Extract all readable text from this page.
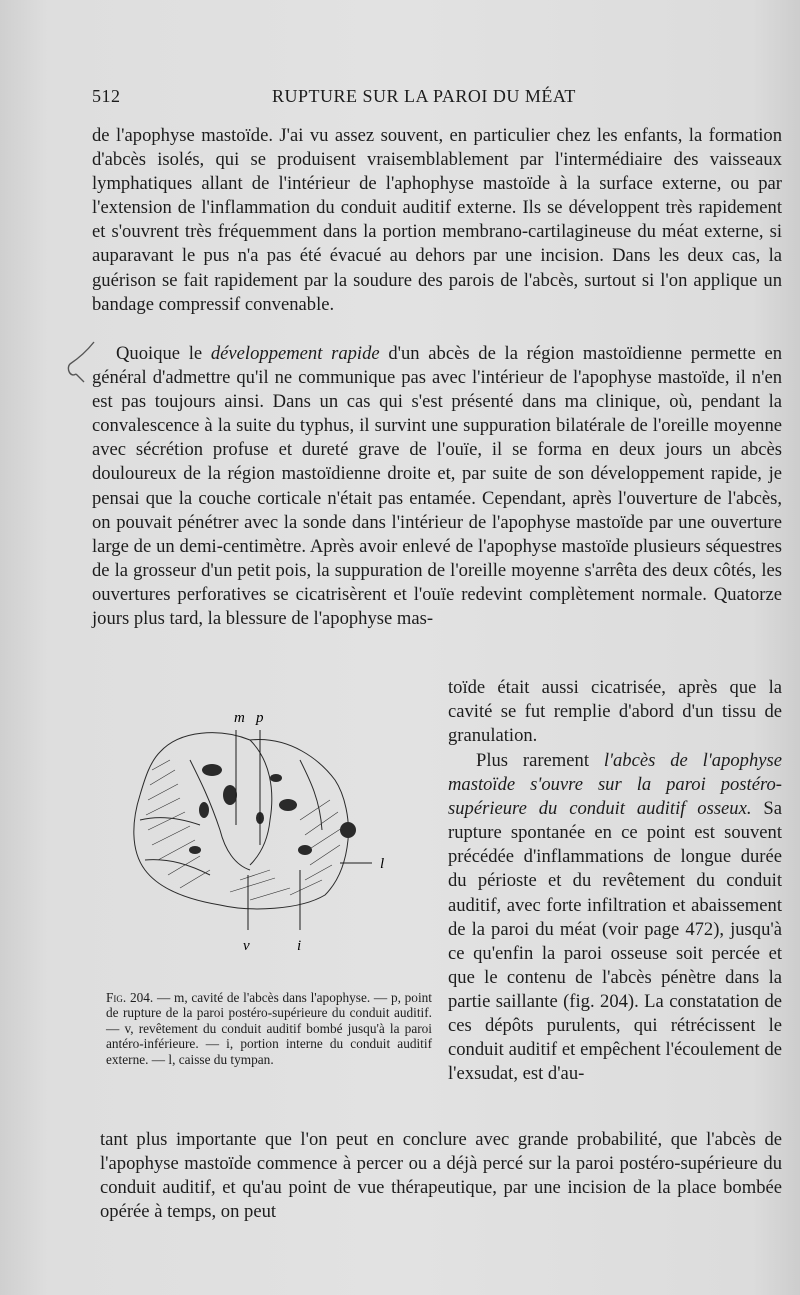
512	RUPTURE SUR LA PAROI DU MÉAT
de l'apophyse mastoïde. J'ai vu assez souvent, en particulier chez les enfants, la formation d'abcès isolés, qui se produisent vraisemblablement par l'intermédiaire des vaisseaux lymphatiques allant de l'intérieur de l'aphophyse mastoïde à la surface externe, ou par l'extension de l'inflammation du conduit auditif externe. Ils se développent très rapidement et s'ouvrent très fréquemment dans la portion membrano-cartilagineuse du méat externe, si auparavant le pus n'a pas été évacué au dehors par une incision. Dans les deux cas, la guérison se fait rapidement par la soudure des parois de l'abcès, surtout si l'on applique un bandage compressif convenable.
Quoique le développement rapide d'un abcès de la région mastoïdienne permette en général d'admettre qu'il ne communique pas avec l'intérieur de l'apophyse mastoïde, il n'en est pas toujours ainsi. Dans un cas qui s'est présenté dans ma clinique, où, pendant la convalescence à la suite du typhus, il survint une suppuration bilatérale de l'oreille moyenne avec sécrétion profuse et dureté grave de l'ouïe, il se forma en deux jours un abcès douloureux de la région mastoïdienne droite et, par suite de son développement rapide, je pensai que la couche corticale n'était pas entamée. Cependant, après l'ouverture de l'abcès, on pouvait pénétrer avec la sonde dans l'intérieur de l'apophyse mastoïde par une ouverture large de un demi-centimètre. Après avoir enlevé de l'apophyse mastoïde plusieurs séquestres de la grosseur d'un petit pois, la suppuration de l'oreille moyenne s'arrêta des deux côtés, les ouvertures perforatives se cicatrisèrent et l'ouïe redevint complètement normale. Quatorze jours plus tard, la blessure de l'apophyse mas-
toïde était aussi cicatrisée, après que la cavité se fut remplie d'abord d'un tissu de granulation.
Plus rarement l'abcès de l'apophyse mastoïde s'ouvre sur la paroi postéro-supérieure du conduit auditif osseux. Sa rupture spontanée en ce point est souvent précédée d'inflammations de longue durée du périoste et du revêtement du conduit auditif, avec forte infiltration et abaissement de la paroi du méat (voir page 472), jusqu'à ce qu'enfin la paroi osseuse soit percée et que le contenu de l'abcès pénètre dans la partie saillante (fig. 204). La constatation de ces dépôts purulents, qui rétrécissent le conduit auditif et empêchent l'écoulement de l'exsudat, est d'au-
m p
l
v	i
Fig. 204. — m, cavité de l'abcès dans l'apophyse. — p, point de rupture de la paroi postéro-supérieure du conduit auditif. — v, revêtement du conduit auditif bombé jusqu'à la paroi antéro-inférieure. — i, portion interne du conduit auditif externe. — l, caisse du tympan.
tant plus importante que l'on peut en conclure avec grande probabilité, que l'abcès de l'apophyse mastoïde commence à percer ou a déjà percé sur la paroi postéro-supérieure du conduit auditif, et qu'au point de vue thérapeutique, par une incision de la place bombée opérée à temps, on peut
